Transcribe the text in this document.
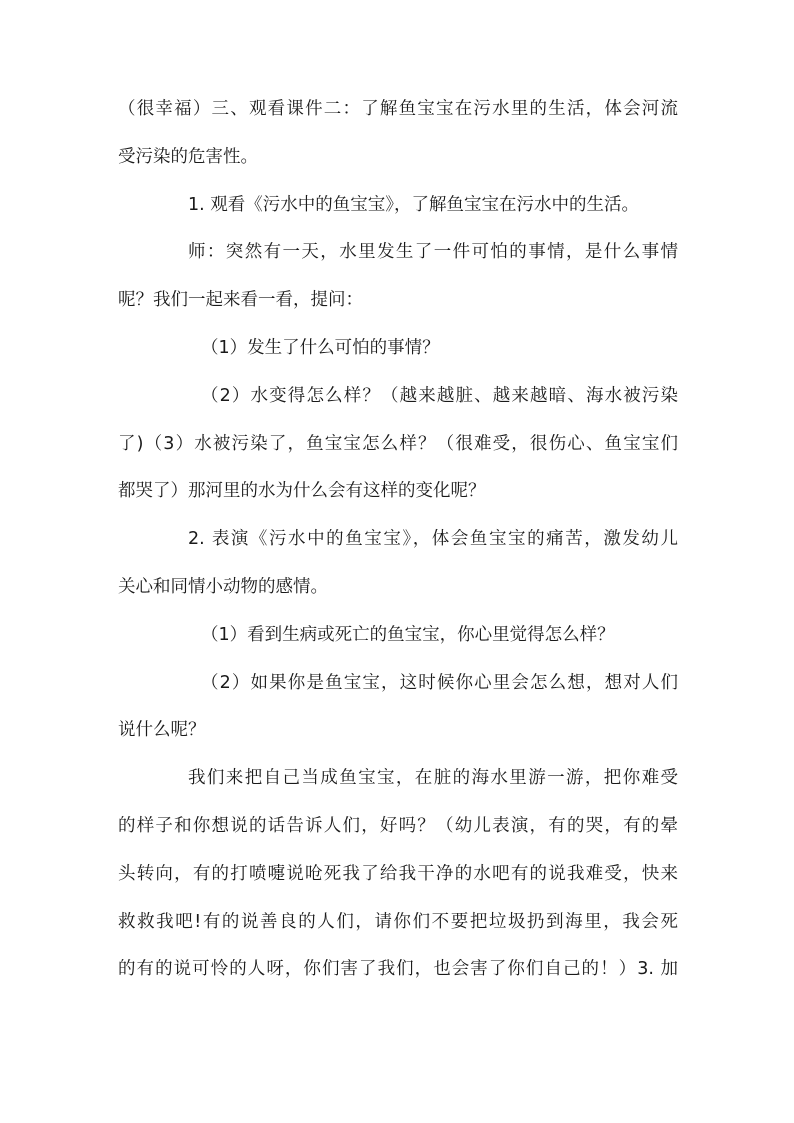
（很幸福）三、观看课件二：了解鱼宝宝在污水里的生活，体会河流
受污染的危害性。
1. 观看《污水中的鱼宝宝》，了解鱼宝宝在污水中的生活。
师：突然有一天，水里发生了一件可怕的事情，是什么事情
呢？我们一起来看一看，提问：
（1）发生了什么可怕的事情？
（2）水变得怎么样？（越来越脏、越来越暗、海水被污染
了)（3）水被污染了，鱼宝宝怎么样？（很难受，很伤心、鱼宝宝们
都哭了）那河里的水为什么会有这样的变化呢？
2. 表演《污水中的鱼宝宝》，体会鱼宝宝的痛苦，激发幼儿
关心和同情小动物的感情。
（1）看到生病或死亡的鱼宝宝，你心里觉得怎么样？
（2）如果你是鱼宝宝，这时候你心里会怎么想，想对人们
说什么呢？
我们来把自己当成鱼宝宝，在脏的海水里游一游，把你难受
的样子和你想说的话告诉人们，好吗？（幼儿表演，有的哭，有的晕
头转向，有的打喷嚏说呛死我了给我干净的水吧有的说我难受，快来
救救我吧!有的说善良的人们，请你们不要把垃圾扔到海里，我会死
的有的说可怜的人呀，你们害了我们，也会害了你们自己的！）3. 加
